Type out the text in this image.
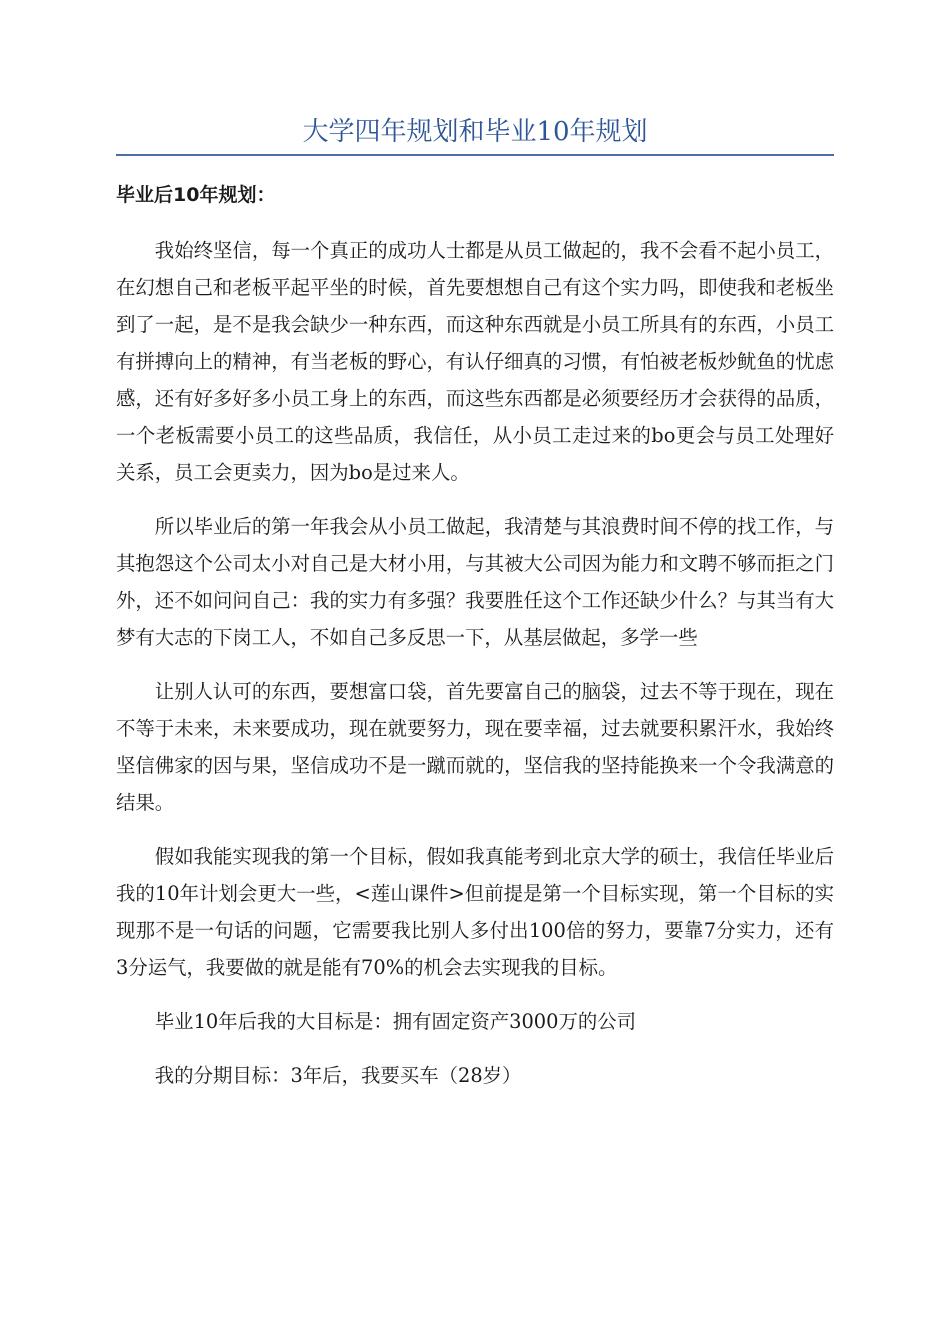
大学四年规划和毕业10年规划
毕业后10年规划：

我始终坚信，每一个真正的成功人士都是从员工做起的，我不会看不起小员工，在幻想自己和老板平起平坐的时候，首先要想想自己有这个实力吗，即使我和老板坐到了一起，是不是我会缺少一种东西，而这种东西就是小员工所具有的东西，小员工有拼搏向上的精神，有当老板的野心，有认仔细真的习惯，有怕被老板炒鱿鱼的忧虑感，还有好多好多小员工身上的东西，而这些东西都是必须要经历才会获得的品质，一个老板需要小员工的这些品质，我信任，从小员工走过来的bo更会与员工处理好关系，员工会更卖力，因为bo是过来人。

所以毕业后的第一年我会从小员工做起，我清楚与其浪费时间不停的找工作，与其抱怨这个公司太小对自己是大材小用，与其被大公司因为能力和文聘不够而拒之门外，还不如问问自己：我的实力有多强？我要胜任这个工作还缺少什么？与其当有大梦有大志的下岗工人，不如自己多反思一下，从基层做起，多学一些

让别人认可的东西，要想富口袋，首先要富自己的脑袋，过去不等于现在，现在不等于未来，未来要成功，现在就要努力，现在要幸福，过去就要积累汗水，我始终坚信佛家的因与果，坚信成功不是一蹴而就的，坚信我的坚持能换来一个令我满意的结果。

假如我能实现我的第一个目标，假如我真能考到北京大学的硕士，我信任毕业后我的10年计划会更大一些，<莲山课件>但前提是第一个目标实现，第一个目标的实现那不是一句话的问题，它需要我比别人多付出100倍的努力，要靠7分实力，还有3分运气，我要做的就是能有70%的机会去实现我的目标。

毕业10年后我的大目标是：拥有固定资产3000万的公司

我的分期目标：3年后，我要买车（28岁）
